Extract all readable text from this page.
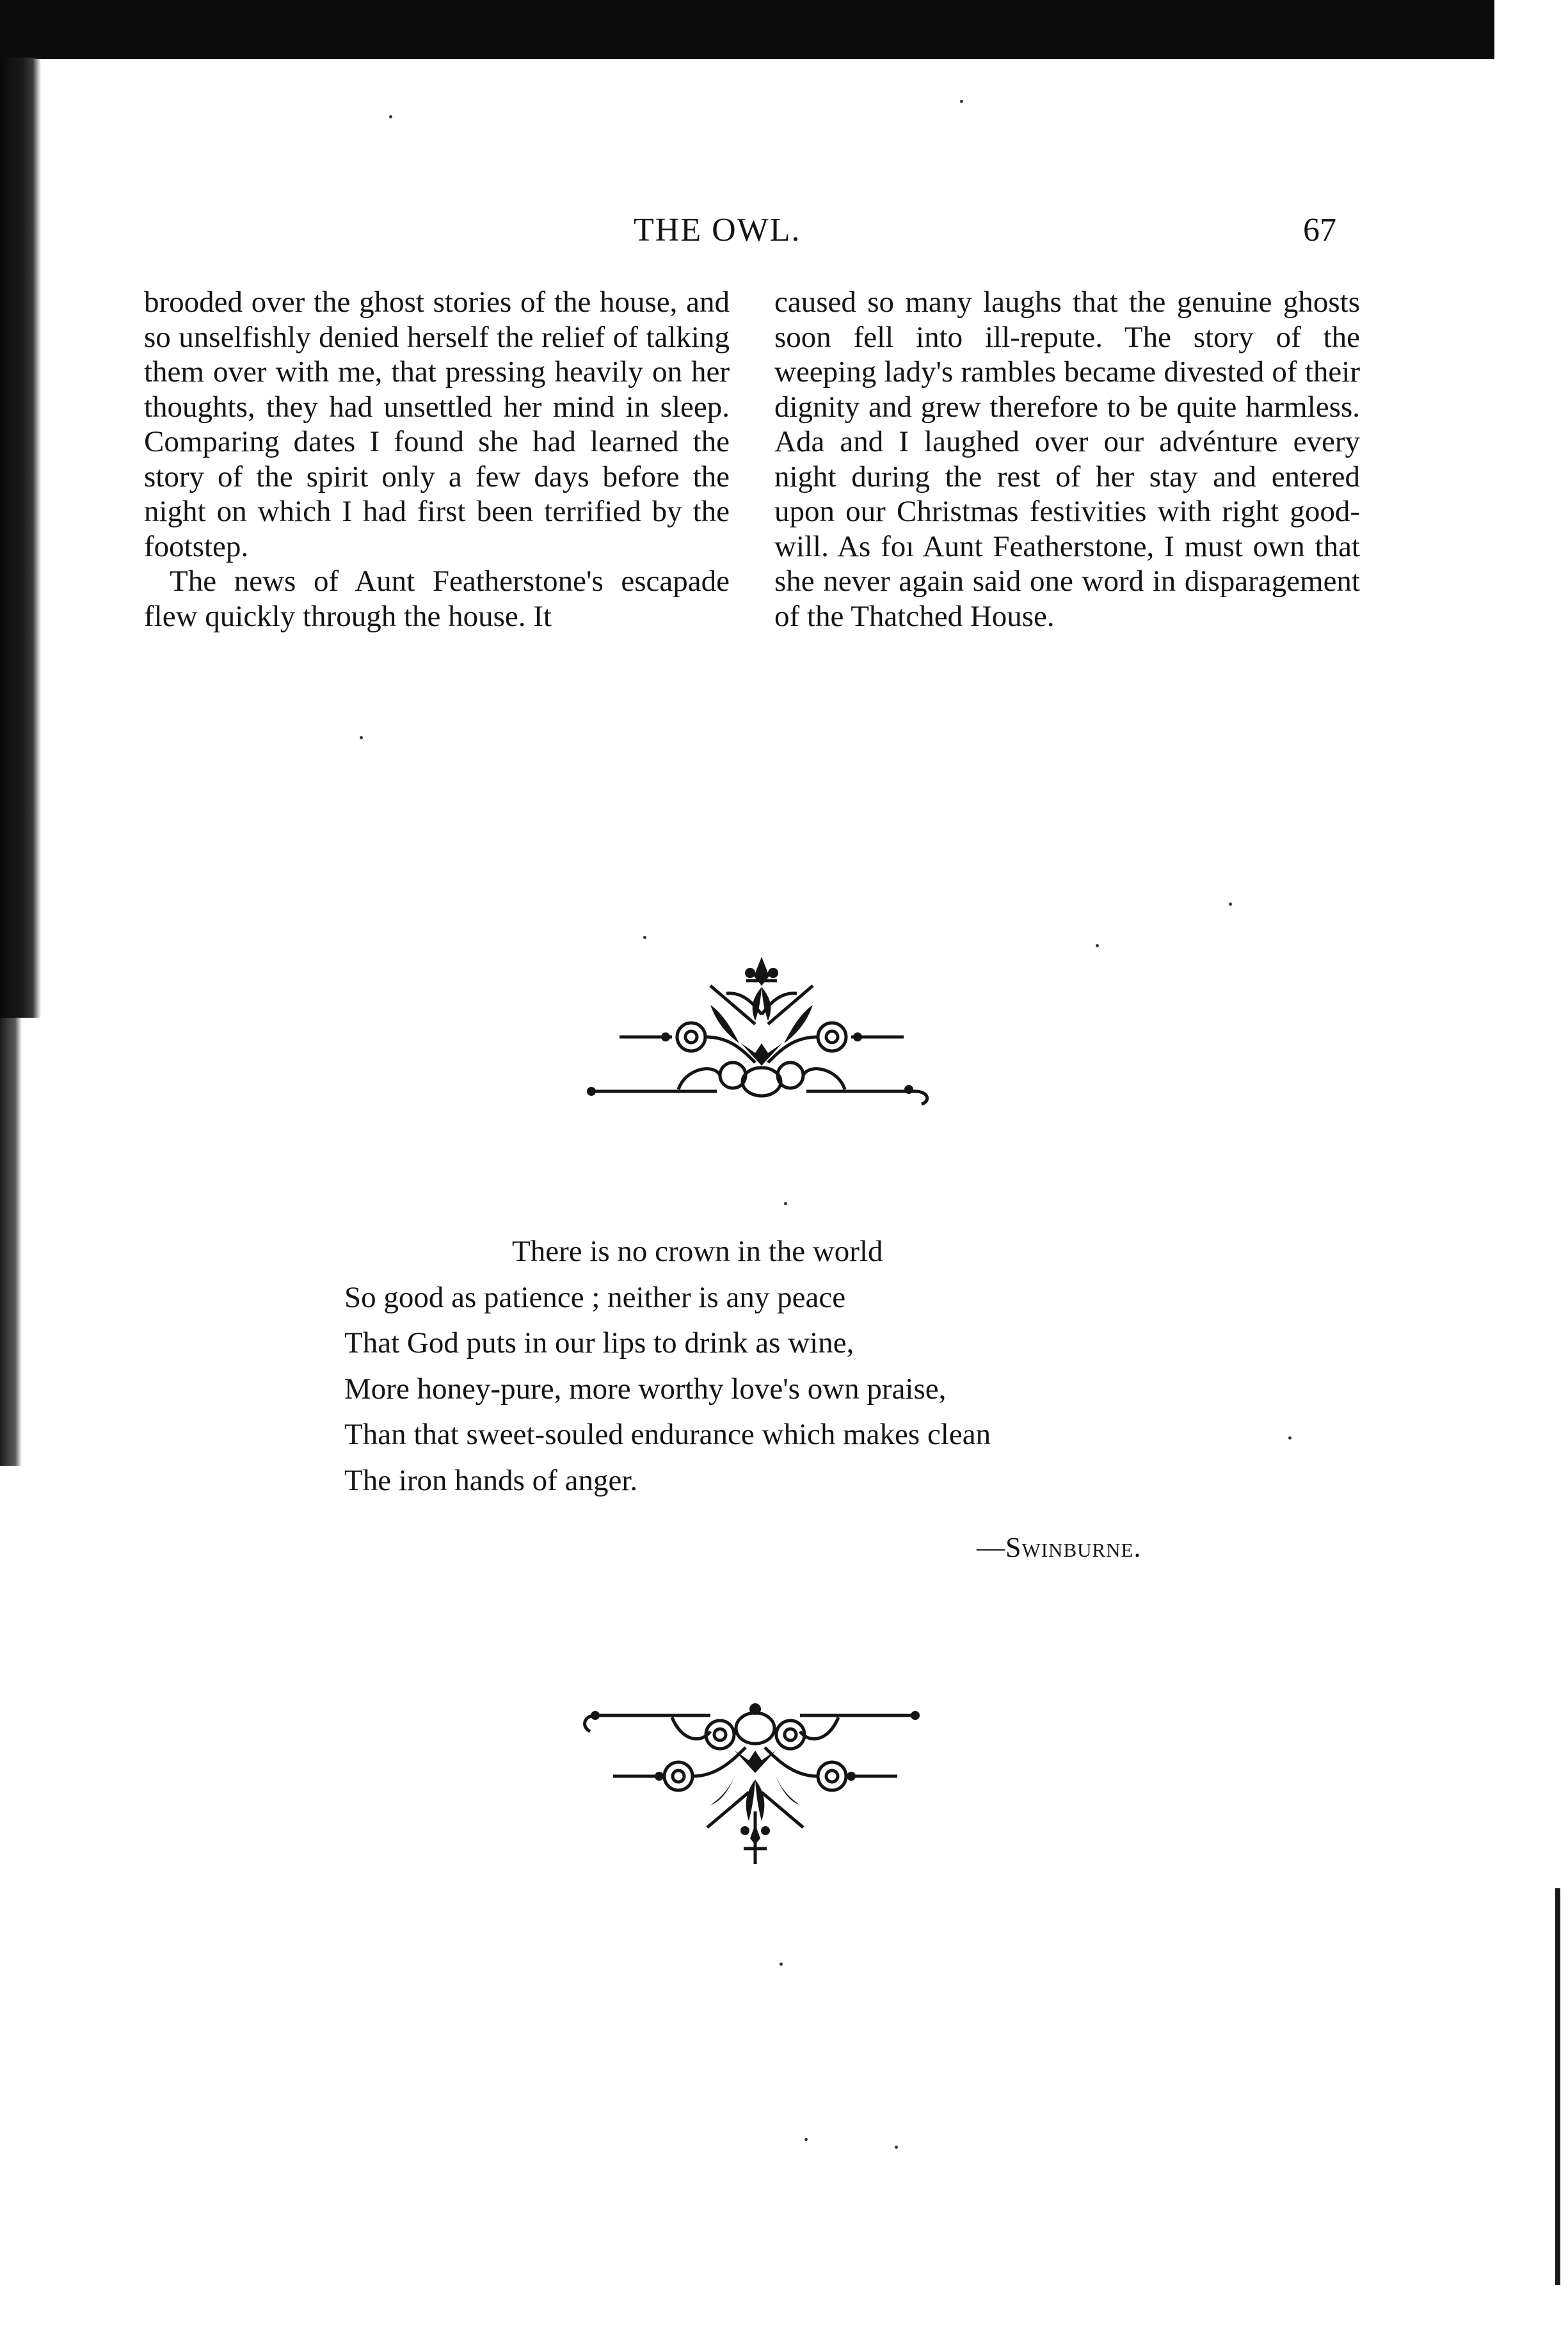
THE OWL.	67

brooded over the ghost stories of the house, and so unselfishly denied herself the relief of talking them over with me, that pressing heavily on her thoughts, they had unsettled her mind in sleep. Comparing dates I found she had learned the story of the spirit only a few days before the night on which I had first been terrified by the footstep.

The news of Aunt Featherstone's escapade flew quickly through the house. It

caused so many laughs that the genuine ghosts soon fell into ill-repute. The story of the weeping lady's rambles became divested of their dignity and grew therefore to be quite harmless. Ada and I laughed over our advénture every night during the rest of her stay and entered upon our Christmas festivities with right good-will. As foı Aunt Featherstone, I must own that she never again said one word in disparagement of the Thatched House.

There is no crown in the world
So good as patience ; neither is any peace
That God puts in our lips to drink as wine,
More honey-pure, more worthy love's own praise,
Than that sweet-souled endurance which makes clean
The iron hands of anger.
—Swinburne.
